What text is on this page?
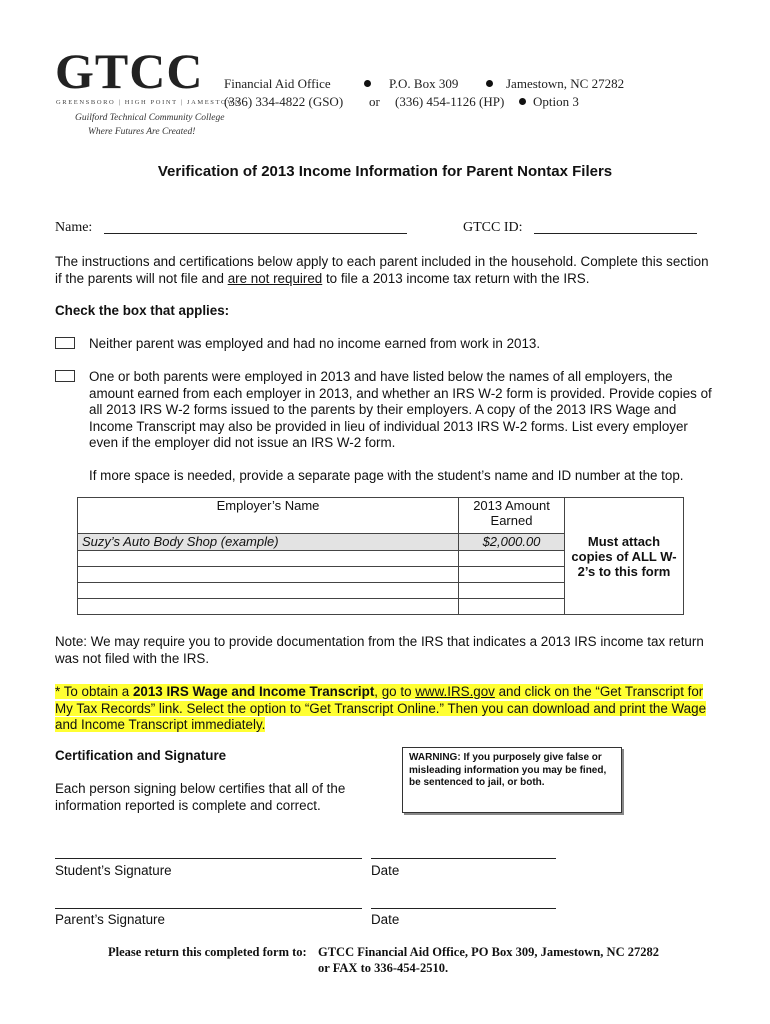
GTCC
GREENSBORO | HIGH POINT | JAMESTOWN
Guilford Technical Community College
Where Futures Are Created!
Financial Aid Office	P.O. Box 309	Jamestown, NC 27282
(336) 334-4822 (GSO) or (336) 454-1126 (HP) Option 3
Verification of 2013 Income Information for Parent Nontax Filers
Name:	GTCC ID:
The instructions and certifications below apply to each parent included in the household. Complete this section if the parents will not file and are not required to file a 2013 income tax return with the IRS.
Check the box that applies:
Neither parent was employed and had no income earned from work in 2013.
One or both parents were employed in 2013 and have listed below the names of all employers, the amount earned from each employer in 2013, and whether an IRS W-2 form is provided. Provide copies of all 2013 IRS W-2 forms issued to the parents by their employers. A copy of the 2013 IRS Wage and Income Transcript may also be provided in lieu of individual 2013 IRS W-2 forms. List every employer even if the employer did not issue an IRS W-2 form.
If more space is needed, provide a separate page with the student’s name and ID number at the top.
Employer’s Name	2013 Amount Earned	Must attach copies of ALL W-2’s to this form
Suzy’s Auto Body Shop (example)	$2,000.00	

Note: We may require you to provide documentation from the IRS that indicates a 2013 IRS income tax return was not filed with the IRS.
* To obtain a 2013 IRS Wage and Income Transcript, go to www.IRS.gov and click on the “Get Transcript for My Tax Records” link. Select the option to “Get Transcript Online.” Then you can download and print the Wage and Income Transcript immediately.
Certification and Signature
Each person signing below certifies that all of the information reported is complete and correct.
WARNING: If you purposely give false or misleading information you may be fined, be sentenced to jail, or both.
Student’s Signature	Date
Parent’s Signature	Date
Please return this completed form to: GTCC Financial Aid Office, PO Box 309, Jamestown, NC 27282
or FAX to 336-454-2510.
